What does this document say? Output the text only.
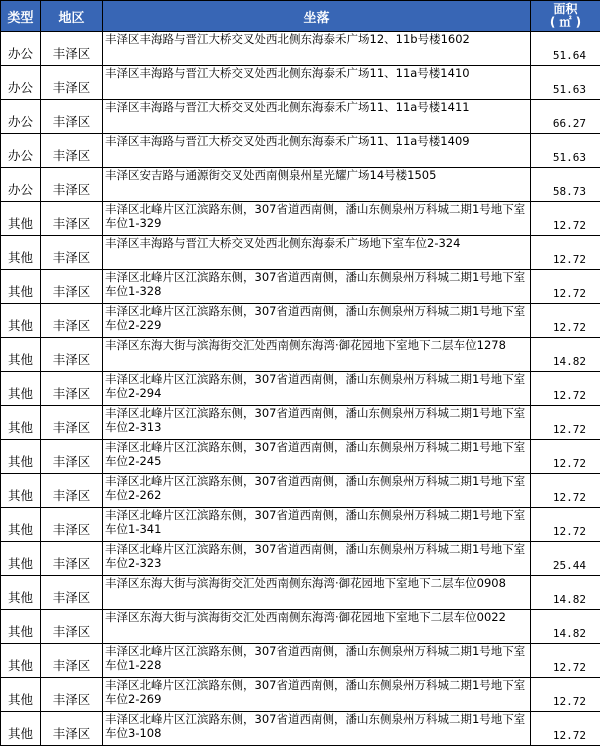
类型	地区	坐落	面积
( ㎡ )

办公	丰泽区	丰泽区丰海路与晋江大桥交叉处西北侧东海泰禾广场12、11b号楼1602	51.64
办公	丰泽区	丰泽区丰海路与晋江大桥交叉处西北侧东海泰禾广场11、11a号楼1410	51.63
办公	丰泽区	丰泽区丰海路与晋江大桥交叉处西北侧东海泰禾广场11、11a号楼1411	66.27
办公	丰泽区	丰泽区丰海路与晋江大桥交叉处西北侧东海泰禾广场11、11a号楼1409	51.63
办公	丰泽区	丰泽区安吉路与通源街交叉处西南侧泉州星光耀广场14号楼1505	58.73
其他	丰泽区	丰泽区北峰片区江滨路东侧，307省道西南侧，潘山东侧泉州万科城二期1号地下室车位1-329	12.72
其他	丰泽区	丰泽区丰海路与晋江大桥交叉处西北侧东海泰禾广场地下室车位2-324	12.72
其他	丰泽区	丰泽区北峰片区江滨路东侧，307省道西南侧，潘山东侧泉州万科城二期1号地下室车位1-328	12.72
其他	丰泽区	丰泽区北峰片区江滨路东侧，307省道西南侧，潘山东侧泉州万科城二期1号地下室车位2-229	12.72
其他	丰泽区	丰泽区东海大街与滨海街交汇处西南侧东海湾·御花园地下室地下二层车位1278	14.82
其他	丰泽区	丰泽区北峰片区江滨路东侧，307省道西南侧，潘山东侧泉州万科城二期1号地下室车位2-294	12.72
其他	丰泽区	丰泽区北峰片区江滨路东侧，307省道西南侧，潘山东侧泉州万科城二期1号地下室车位2-313	12.72
其他	丰泽区	丰泽区北峰片区江滨路东侧，307省道西南侧，潘山东侧泉州万科城二期1号地下室车位2-245	12.72
其他	丰泽区	丰泽区北峰片区江滨路东侧，307省道西南侧，潘山东侧泉州万科城二期1号地下室车位2-262	12.72
其他	丰泽区	丰泽区北峰片区江滨路东侧，307省道西南侧，潘山东侧泉州万科城二期1号地下室车位1-341	12.72
其他	丰泽区	丰泽区北峰片区江滨路东侧，307省道西南侧，潘山东侧泉州万科城二期1号地下室车位2-323	25.44
其他	丰泽区	丰泽区东海大街与滨海街交汇处西南侧东海湾·御花园地下室地下二层车位0908	14.82
其他	丰泽区	丰泽区东海大街与滨海街交汇处西南侧东海湾·御花园地下室地下二层车位0022	14.82
其他	丰泽区	丰泽区北峰片区江滨路东侧，307省道西南侧，潘山东侧泉州万科城二期1号地下室车位1-228	12.72
其他	丰泽区	丰泽区北峰片区江滨路东侧，307省道西南侧，潘山东侧泉州万科城二期1号地下室车位2-269	12.72
其他	丰泽区	丰泽区北峰片区江滨路东侧，307省道西南侧，潘山东侧泉州万科城二期1号地下室车位3-108	12.72
